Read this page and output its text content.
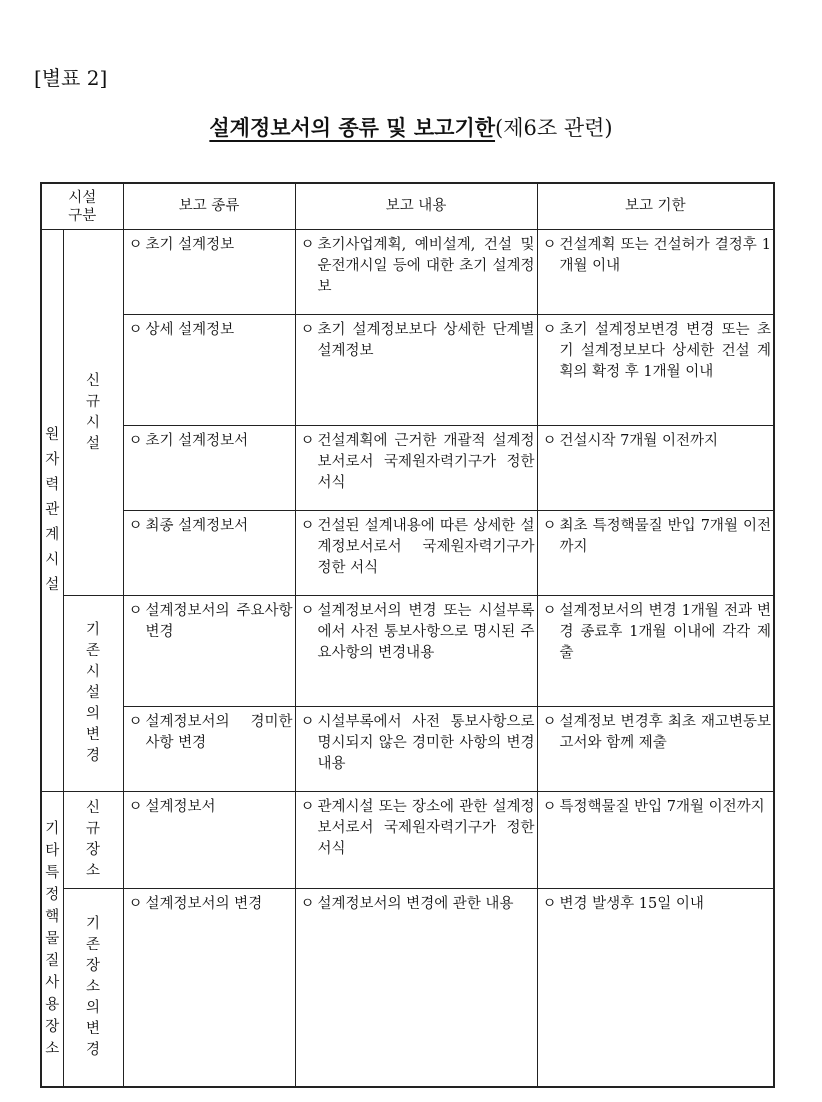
[별표 2]
설계정보서의 종류 및 보고기한(제6조 관련)
시설
구분		보고 종류	보고 내용	보고 기한

원자력관계시설	신규시설	ㅇ 초기 설계정보	ㅇ 초기사업계획, 예비설계, 건설 및 운전개시일 등에 대한 초기 설계정보	ㅇ 건설계획 또는 건설허가 결정후 1개월 이내

		ㅇ 상세 설계정보	ㅇ 초기 설계정보보다 상세한 단계별 설계정보	ㅇ 초기 설계정보변경 변경 또는 초기 설계정보보다 상세한 건설 계획의 확정 후 1개월 이내

		ㅇ 초기 설계정보서	ㅇ 건설계획에 근거한 개괄적 설계정보서로서 국제원자력기구가 정한 서식	ㅇ 건설시작 7개월 이전까지

		ㅇ 최종 설계정보서	ㅇ 건설된 설계내용에 따른 상세한 설계정보서로서 국제원자력기구가 정한 서식	ㅇ 최초 특정핵물질 반입 7개월 이전까지

	기존시설의변경	ㅇ 설계정보서의 주요사항 변경	ㅇ 설계정보서의 변경 또는 시설부록에서 사전 통보사항으로 명시된 주요사항의 변경내용	ㅇ 설계정보서의 변경 1개월 전과 변경 종료후 1개월 이내에 각각 제출

		ㅇ 설계정보서의 경미한 사항 변경	ㅇ 시설부록에서 사전 통보사항으로 명시되지 않은 경미한 사항의 변경내용	ㅇ 설계정보 변경후 최초 재고변동보고서와 함께 제출

기타특정핵물질사용장소	신규장소	ㅇ 설계정보서	ㅇ 관계시설 또는 장소에 관한 설계정보서로서 국제원자력기구가 정한 서식	ㅇ 특정핵물질 반입 7개월 이전까지

	기존장소의변경	ㅇ 설계정보서의 변경	ㅇ 설계정보서의 변경에 관한 내용	ㅇ 변경 발생후 15일 이내
